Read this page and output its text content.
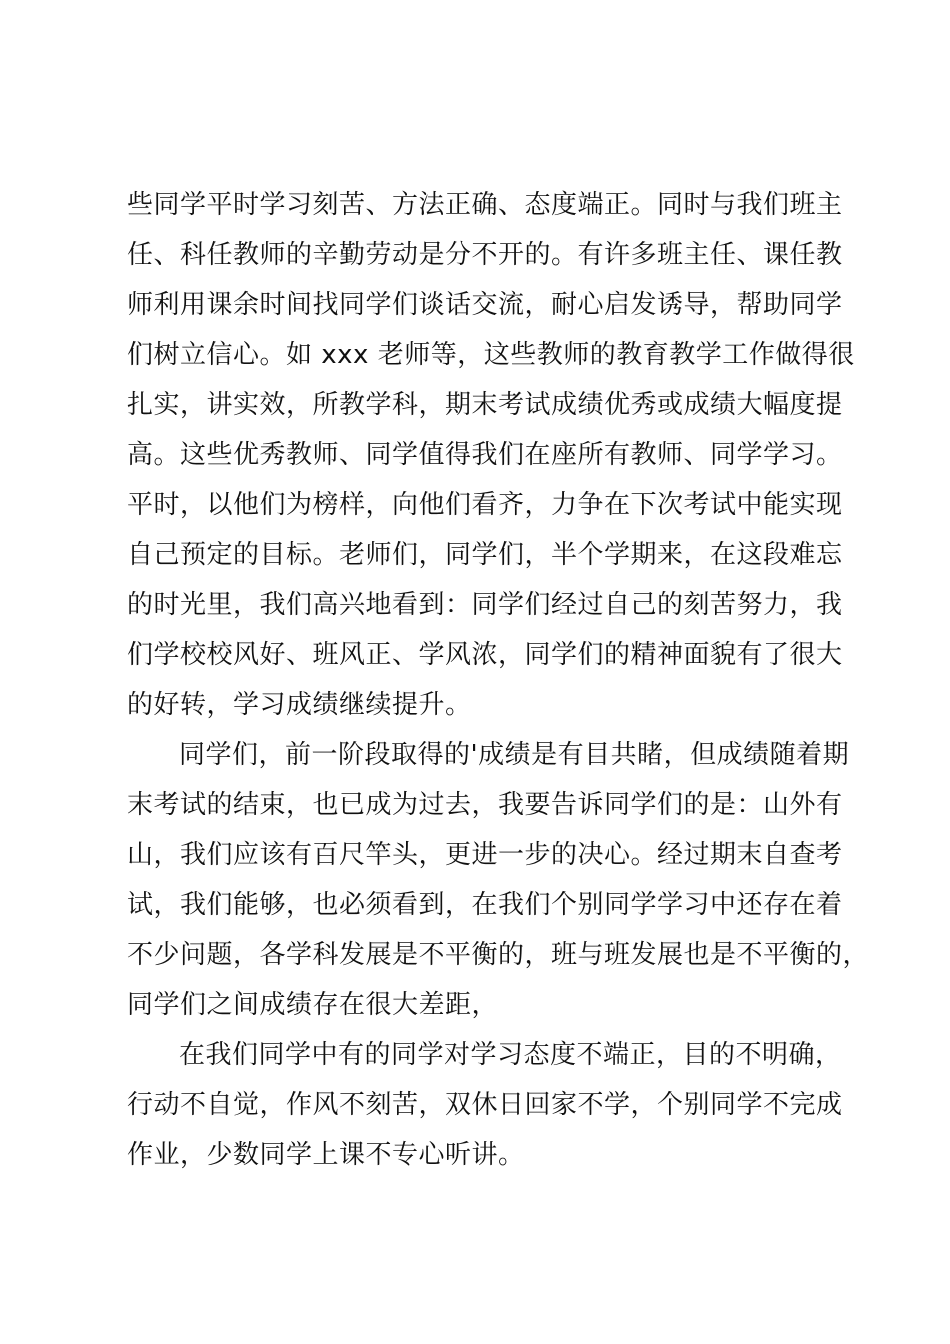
些同学平时学习刻苦、方法正确、态度端正。同时与我们班主
任、科任教师的辛勤劳动是分不开的。有许多班主任、课任教
师利用课余时间找同学们谈话交流，耐心启发诱导，帮助同学
们树立信心。如 xxx 老师等，这些教师的教育教学工作做得很
扎实，讲实效，所教学科，期末考试成绩优秀或成绩大幅度提
高。这些优秀教师、同学值得我们在座所有教师、同学学习。
平时，以他们为榜样，向他们看齐，力争在下次考试中能实现
自己预定的目标。老师们，同学们，半个学期来，在这段难忘
的时光里，我们高兴地看到：同学们经过自己的刻苦努力，我
们学校校风好、班风正、学风浓，同学们的精神面貌有了很大
的好转，学习成绩继续提升。
同学们，前一阶段取得的'成绩是有目共睹，但成绩随着期
末考试的结束，也已成为过去，我要告诉同学们的是：山外有
山，我们应该有百尺竿头，更进一步的决心。经过期末自查考
试，我们能够，也必须看到，在我们个别同学学习中还存在着
不少问题，各学科发展是不平衡的，班与班发展也是不平衡的，
同学们之间成绩存在很大差距，
在我们同学中有的同学对学习态度不端正，目的不明确，
行动不自觉，作风不刻苦，双休日回家不学，个别同学不完成
作业，少数同学上课不专心听讲。
